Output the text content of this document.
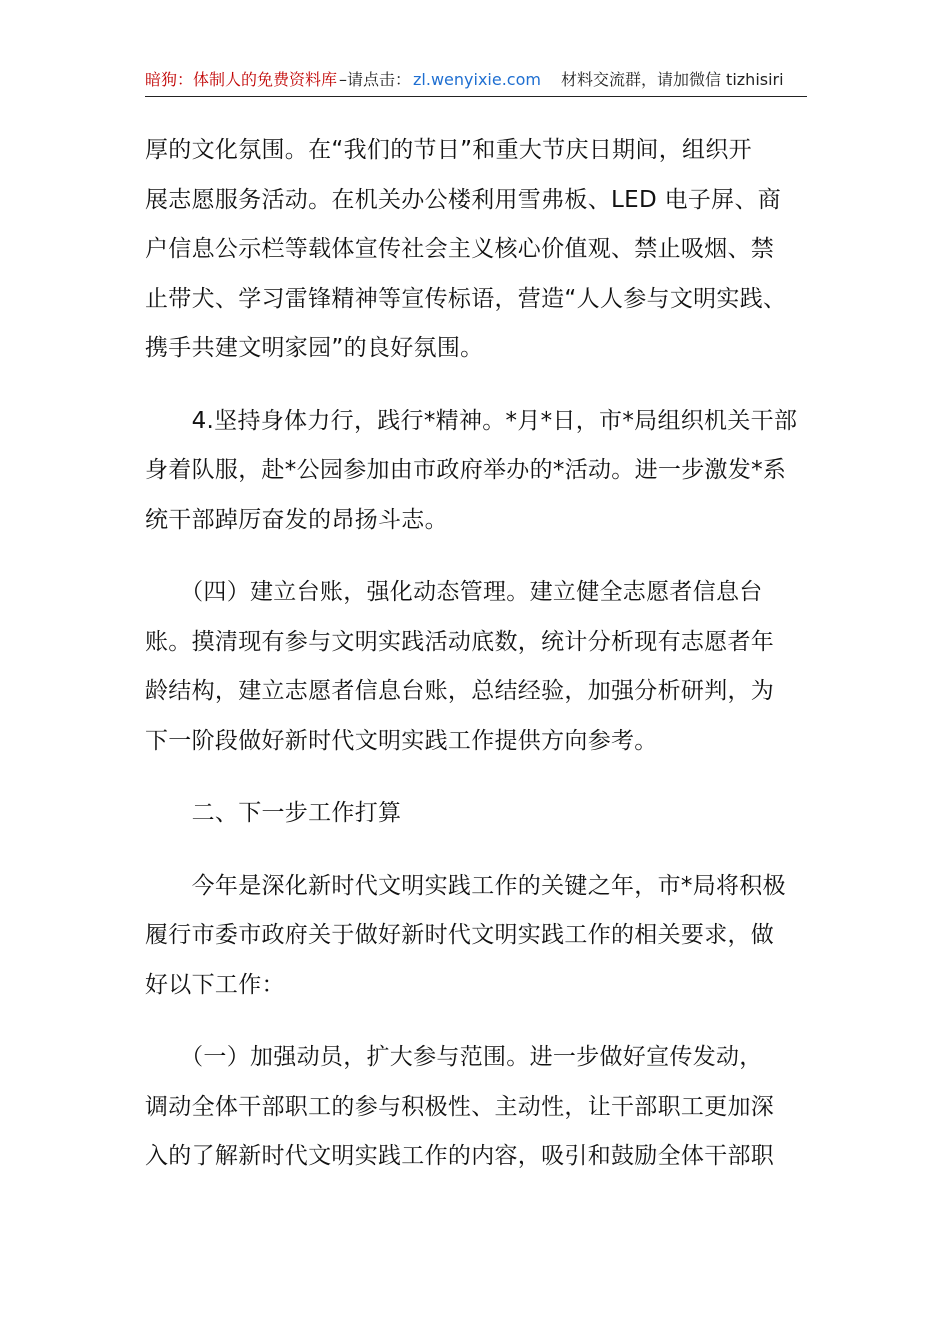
暗狗：体制人的免费资料库 –请点击： zl.wenyixie.com 材料交流群，请加微信 tizhisiri

厚的文化氛围。在“我们的节日”和重大节庆日期间，组织开
展志愿服务活动。在机关办公楼利用雪弗板、LED 电子屏、商
户信息公示栏等载体宣传社会主义核心价值观、禁止吸烟、禁
止带犬、学习雷锋精神等宣传标语，营造“人人参与文明实践、
携手共建文明家园”的良好氛围。

　　4.坚持身体力行，践行*精神。*月*日，市*局组织机关干部
身着队服，赴*公园参加由市政府举办的*活动。进一步激发*系
统干部踔厉奋发的昂扬斗志。

　　（四）建立台账，强化动态管理。建立健全志愿者信息台
账。摸清现有参与文明实践活动底数，统计分析现有志愿者年
龄结构，建立志愿者信息台账，总结经验，加强分析研判，为
下一阶段做好新时代文明实践工作提供方向参考。

　　二、下一步工作打算

　　今年是深化新时代文明实践工作的关键之年，市*局将积极
履行市委市政府关于做好新时代文明实践工作的相关要求，做
好以下工作：

　　（一）加强动员，扩大参与范围。进一步做好宣传发动，
调动全体干部职工的参与积极性、主动性，让干部职工更加深
入的了解新时代文明实践工作的内容，吸引和鼓励全体干部职
